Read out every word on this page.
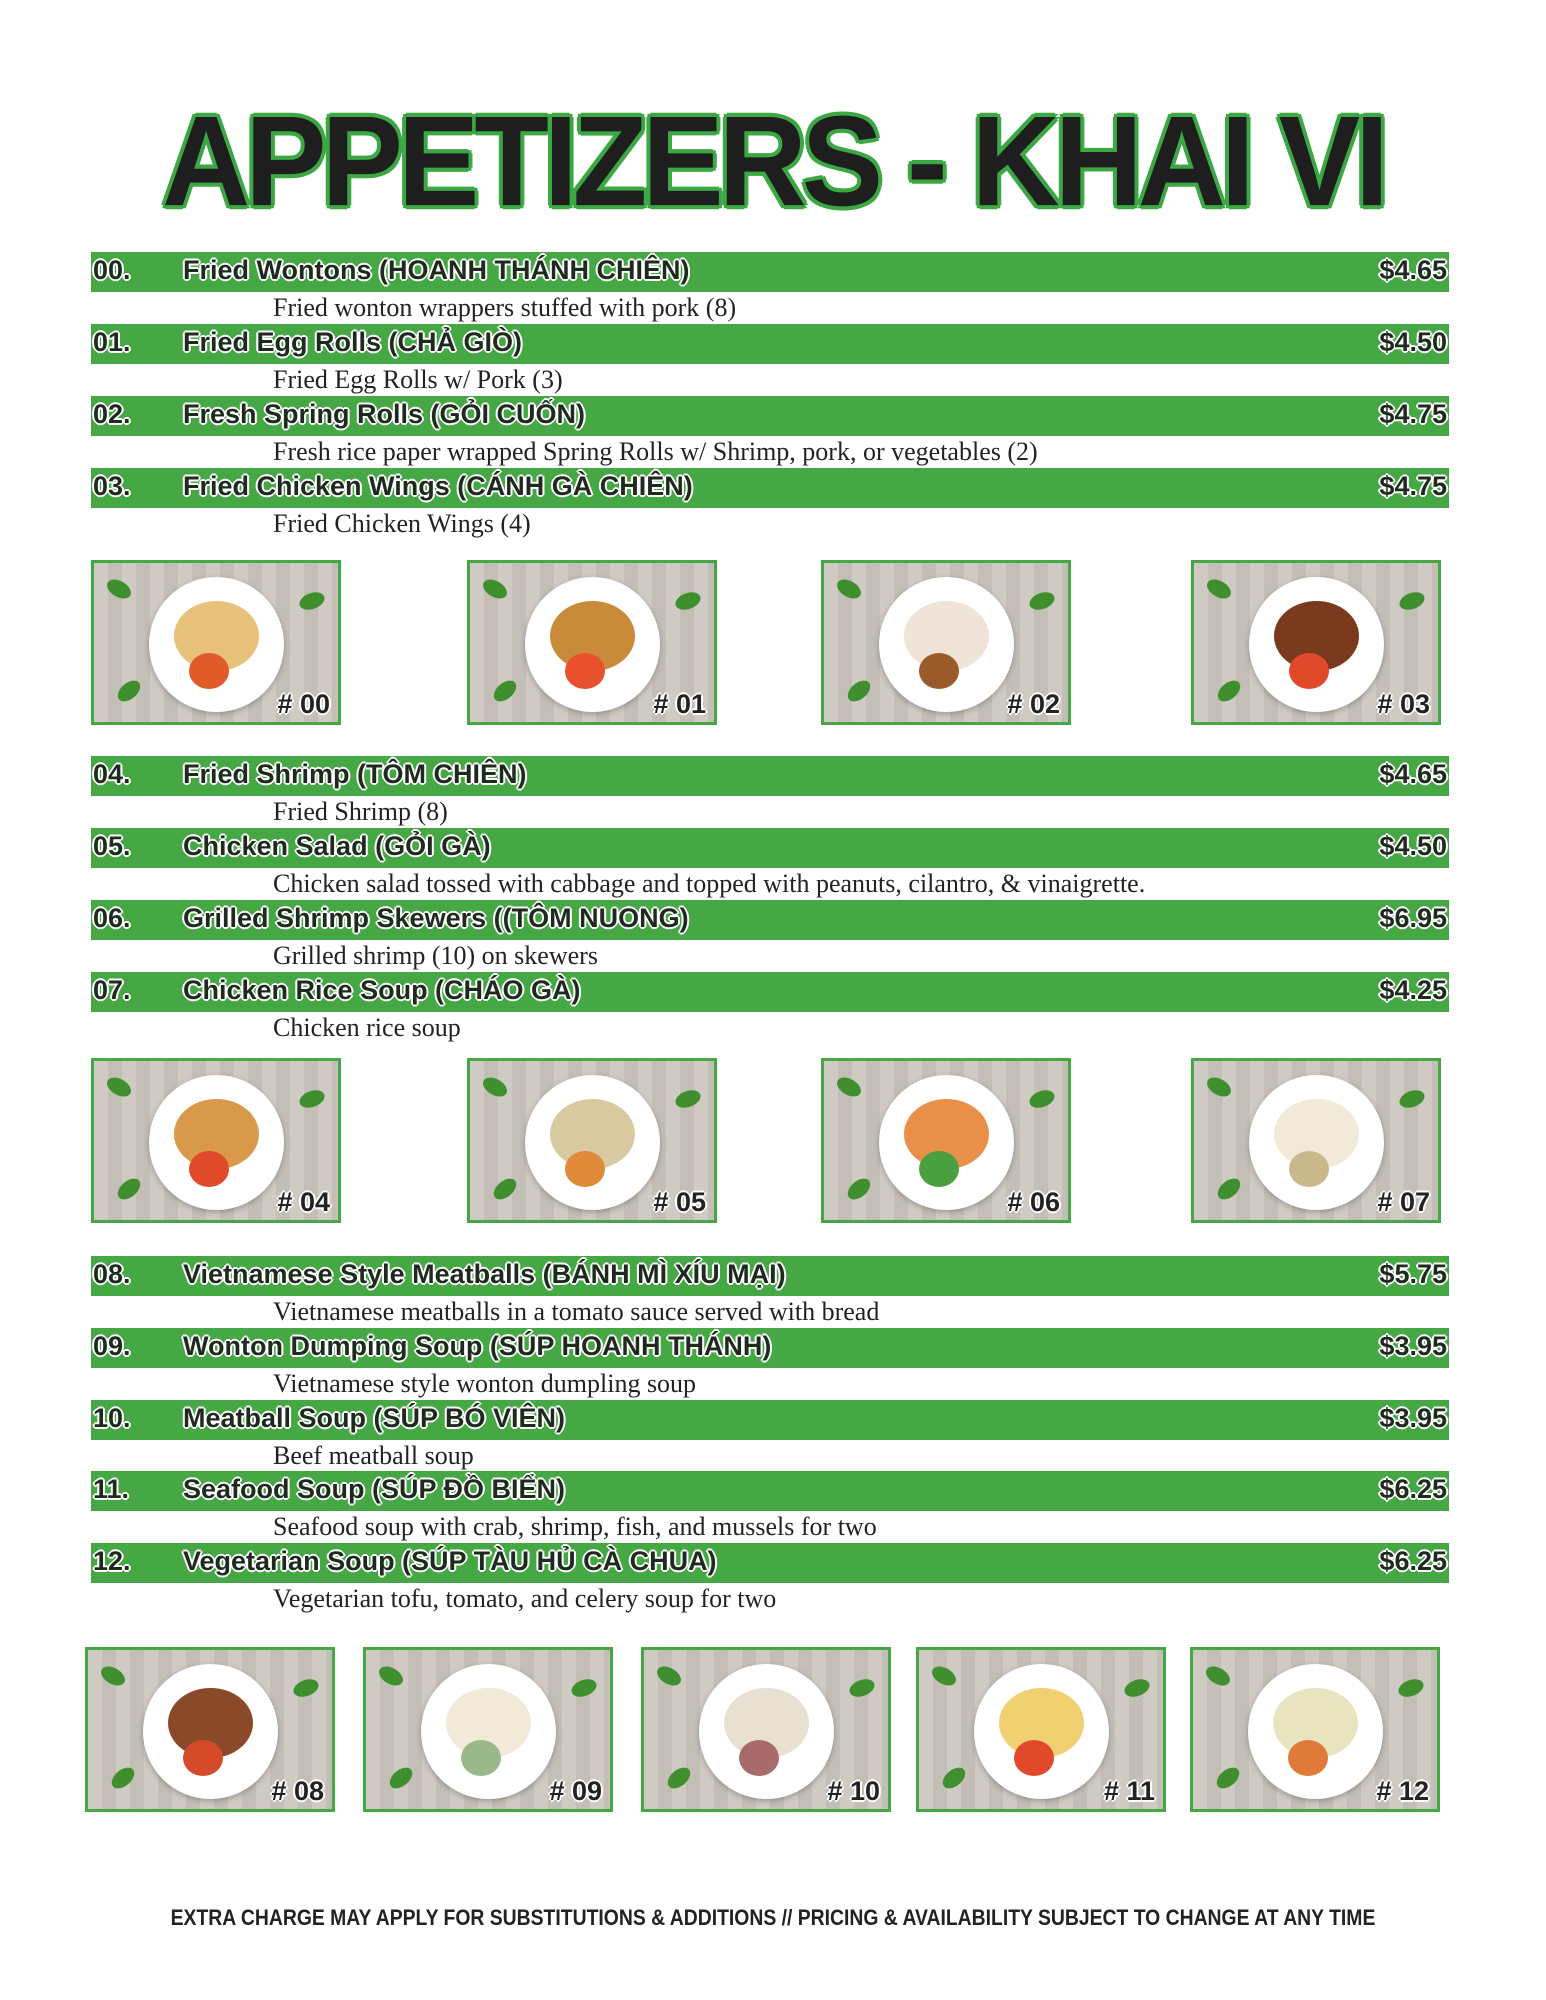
APPETIZERS - KHAI VI
00. Fried Wontons (HOANH THÁNH CHIÊN)	$4.65
Fried wonton wrappers stuffed with pork (8)
01. Fried Egg Rolls (CHẢ GIÒ)	$4.50
Fried Egg Rolls w/ Pork (3)
02. Fresh Spring Rolls (GỎI CUỐN)	$4.75
Fresh rice paper wrapped Spring Rolls w/ Shrimp, pork, or vegetables (2)
03. Fried Chicken Wings (CÁNH GÀ CHIÊN)	$4.75
Fried Chicken Wings (4)
04. Fried Shrimp (TÔM CHIÊN)	$4.65
Fried Shrimp (8)
05. Chicken Salad (GỎI GÀ)	$4.50
Chicken salad tossed with cabbage and topped with peanuts, cilantro, & vinaigrette.
06. Grilled Shrimp Skewers ((TÔM NUONG)	$6.95
Grilled shrimp (10) on skewers
07. Chicken Rice Soup (CHÁO GÀ)	$4.25
Chicken rice soup
08. Vietnamese Style Meatballs (BÁNH MÌ XÍU MẠI)	$5.75
Vietnamese meatballs in a tomato sauce served with bread
09. Wonton Dumping Soup (SÚP HOANH THÁNH)	$3.95
Vietnamese style wonton dumpling soup
10. Meatball Soup (SÚP BÓ VIÊN)	$3.95
Beef meatball soup
11. Seafood Soup (SÚP ĐỒ BIỂN)	$6.25
Seafood soup with crab, shrimp, fish, and mussels for two
12. Vegetarian Soup (SÚP TÀU HỦ CÀ CHUA)	$6.25
Vegetarian tofu, tomato, and celery soup for two
# 00	# 01	# 02	# 03
# 04	# 05	# 06	# 07
# 08	# 09	# 10	# 11	# 12
EXTRA CHARGE MAY APPLY FOR SUBSTITUTIONS & ADDITIONS // PRICING & AVAILABILITY SUBJECT TO CHANGE AT ANY TIME
